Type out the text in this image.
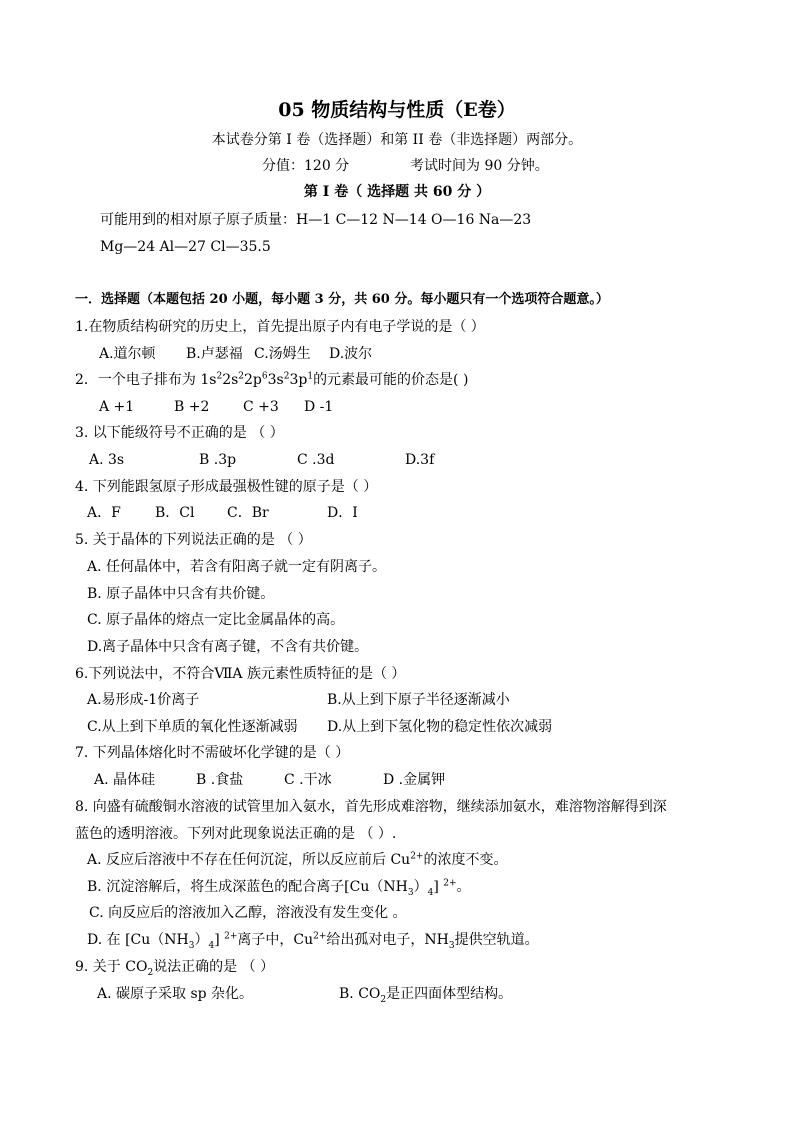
05 物质结构与性质（E卷）
本试卷分第 I 卷（选择题）和第 II 卷（非选择题）两部分。
分值：120 分	考试时间为 90 分钟。
第 I 卷（ 选择题 共 60 分 ）
可能用到的相对原子原子质量：H—1 C—12 N—14 O—16 Na—23
Mg—24 Al—27 Cl—35.5
一．选择题（本题包括 20 小题，每小题 3 分，共 60 分。每小题只有一个选项符合题意。）
1.在物质结构研究的历史上，首先提出原子内有电子学说的是（ ）
A.道尔顿 B.卢瑟福 C.汤姆生 D.波尔
2．一个电子排布为 $1s^22s^22p^63s^23p^1$的元素最可能的价态是( )
A +1	B +2 C +3 D -1
3. 以下能级符号不正确的是 （ ）
A. 3s	B .3p	C .3d	D.3f
4. 下列能跟氢原子形成最强极性键的原子是（ ）
A．F B．Cl C．Br	D．I
5. 关于晶体的下列说法正确的是 （ ）
A. 任何晶体中，若含有阳离子就一定有阴离子。
B. 原子晶体中只含有共价键。
C. 原子晶体的熔点一定比金属晶体的高。
D.离子晶体中只含有离子键，不含有共价键。
6.下列说法中，不符合ⅦA 族元素性质特征的是（ ）
A.易形成-1价离子	B.从上到下原子半径逐渐减小
C.从上到下单质的氧化性逐渐减弱 D.从上到下氢化物的稳定性依次减弱
7. 下列晶体熔化时不需破坏化学键的是（ ）
A. 晶体硅	B .食盐	C .干冰	D .金属钾
8. 向盛有硫酸铜水溶液的试管里加入氨水，首先形成难溶物，继续添加氨水，难溶物溶解得到深
蓝色的透明溶液。下列对此现象说法正确的是 （ ）.
A. 反应后溶液中不存在任何沉淀，所以反应前后 $Cu^{2+}$的浓度不变。
B. 沉淀溶解后，将生成深蓝色的配合离子$[Cu(NH_3)_4]$ $^{2+}$。
C. 向反应后的溶液加入乙醇，溶液没有发生变化 。
D. 在 $[Cu(NH_3)_4]$ $^{2+}$离子中，$Cu^{2+}$给出孤对电子，$NH_3$提供空轨道。
9. 关于 $CO_2$说法正确的是 （ ）
A. 碳原子采取 sp 杂化。	B. $CO_2$是正四面体型结构。
